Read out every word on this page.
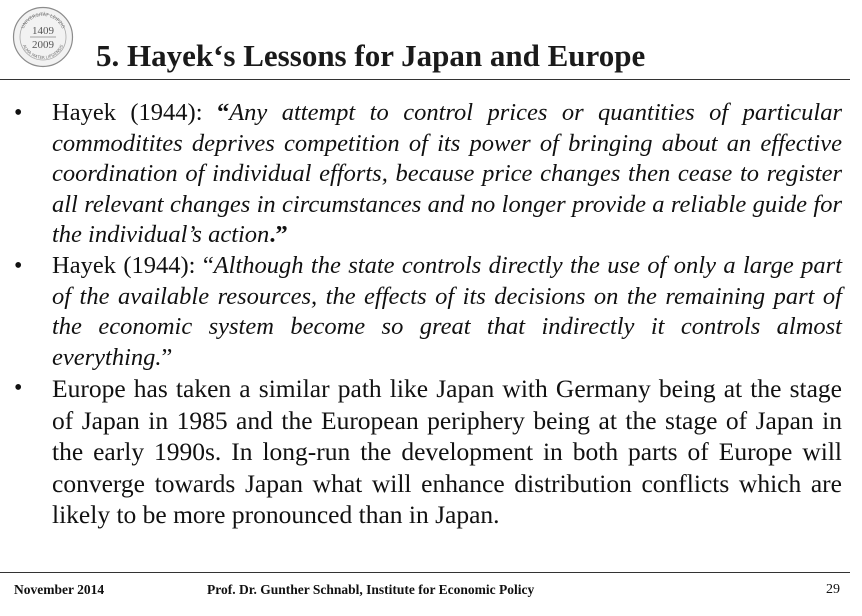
UNIVERSITÄT LEIPZIG
ALMA MATER LIPSIENSIS
1409
2009 5. Hayek‘s Lessons for Japan and Europe
• Hayek (1944): “Any attempt to control prices or quantities of particular commoditites deprives competition of its power of bringing about an effective coordination of individual efforts, because price changes then cease to register all relevant changes in circumstances and no longer provide a reliable guide for the individual’s action.”
• Hayek (1944): “Although the state controls directly the use of only a large part of the available resources, the effects of its decisions on the remaining part of the economic system become so great that indirectly it controls almost everything.”
• Europe has taken a similar path like Japan with Germany being at the stage of Japan in 1985 and the European periphery being at the stage of Japan in the early 1990s. In long-run the development in both parts of Europe will converge towards Japan what will enhance distribution conflicts which are likely to be more pronounced than in Japan.
November 2014	Prof. Dr. Gunther Schnabl, Institute for Economic Policy	29
